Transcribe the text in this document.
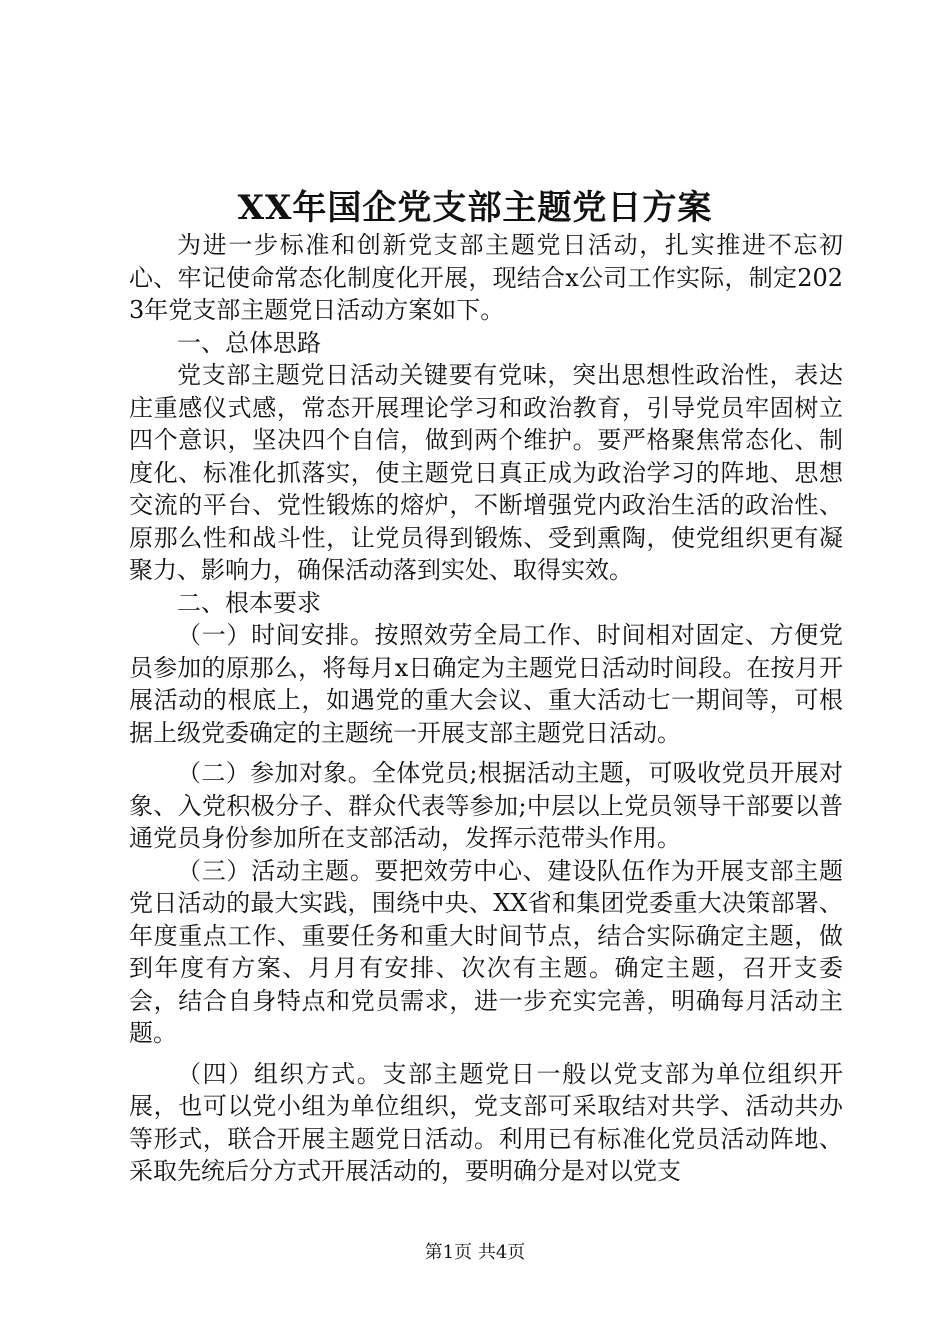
XX年国企党支部主题党日方案

为进一步标准和创新党支部主题党日活动，扎实推进不忘初心、牢记使命常态化制度化开展，现结合x公司工作实际，制定2023年党支部主题党日活动方案如下。

一、总体思路

党支部主题党日活动关键要有党味，突出思想性政治性，表达庄重感仪式感，常态开展理论学习和政治教育，引导党员牢固树立四个意识，坚决四个自信，做到两个维护。要严格聚焦常态化、制度化、标准化抓落实，使主题党日真正成为政治学习的阵地、思想交流的平台、党性锻炼的熔炉，不断增强党内政治生活的政治性、原那么性和战斗性，让党员得到锻炼、受到熏陶，使党组织更有凝聚力、影响力，确保活动落到实处、取得实效。

二、根本要求

（一）时间安排。按照效劳全局工作、时间相对固定、方便党员参加的原那么，将每月x日确定为主题党日活动时间段。在按月开展活动的根底上，如遇党的重大会议、重大活动七一期间等，可根据上级党委确定的主题统一开展支部主题党日活动。

（二）参加对象。全体党员;根据活动主题，可吸收党员开展对象、入党积极分子、群众代表等参加;中层以上党员领导干部要以普通党员身份参加所在支部活动，发挥示范带头作用。

（三）活动主题。要把效劳中心、建设队伍作为开展支部主题党日活动的最大实践，围绕中央、XX省和集团党委重大决策部署、年度重点工作、重要任务和重大时间节点，结合实际确定主题，做到年度有方案、月月有安排、次次有主题。确定主题，召开支委会，结合自身特点和党员需求，进一步充实完善，明确每月活动主题。

（四）组织方式。支部主题党日一般以党支部为单位组织开展，也可以党小组为单位组织，党支部可采取结对共学、活动共办等形式，联合开展主题党日活动。利用已有标准化党员活动阵地、采取先统后分方式开展活动的，要明确分是对以党支

第1页 共4页
